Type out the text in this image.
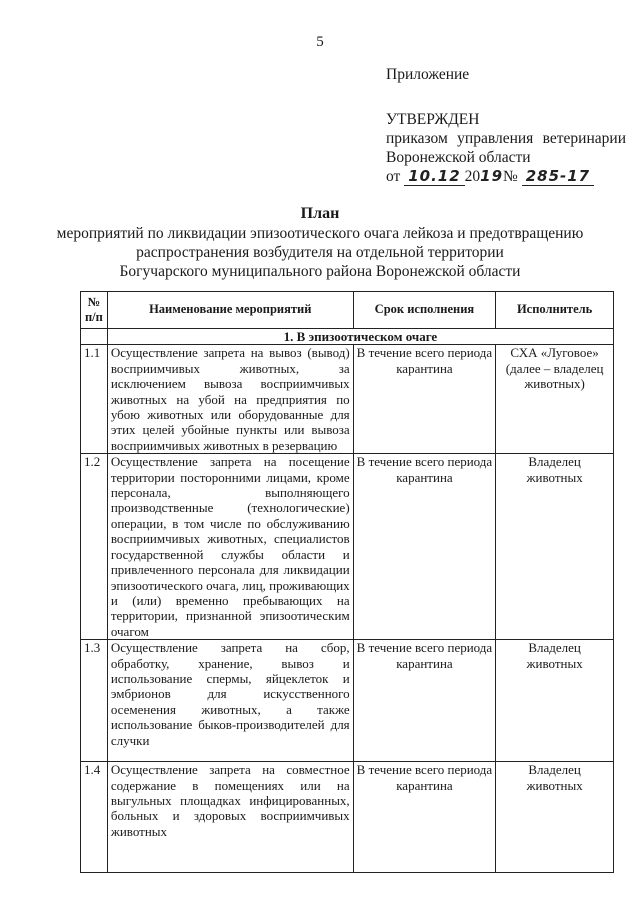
5
Приложение
УТВЕРЖДЕН
приказом управления ветеринарии
Воронежской области
от 10.12 2019№ 285-17
План
мероприятий по ликвидации эпизоотического очага лейкоза и предотвращению
распространения возбудителя на отдельной территории
Богучарского муниципального района Воронежской области
№ п/п	Наименование мероприятий	Срок исполнения	Исполнитель
	1. В эпизоотическом очаге		
1.1	Осуществление запрета на вывоз (вывод) восприимчивых животных, за исключением вывоза восприимчивых животных на убой на предприятия по убою животных или оборудованные для этих целей убойные пункты или вывоза восприимчивых животных в резервацию	В течение всего периода карантина	СХА «Луговое» (далее – владелец животных)
1.2	Осуществление запрета на посещение территории посторонними лицами, кроме персонала, выполняющего производственные (технологические) операции, в том числе по обслуживанию восприимчивых животных, специалистов государственной службы области и привлеченного персонала для ликвидации эпизоотического очага, лиц, проживающих и (или) временно пребывающих на территории, признанной эпизоотическим очагом	В течение всего периода карантина	Владелец животных
1.3	Осуществление запрета на сбор, обработку, хранение, вывоз и использование спермы, яйцеклеток и эмбрионов для искусственного осеменения животных, а также использование быков-производителей для случки	В течение всего периода карантина	Владелец животных
1.4	Осуществление запрета на совместное содержание в помещениях или на выгульных площадках инфицированных, больных и здоровых восприимчивых животных	В течение всего периода карантина	Владелец животных
